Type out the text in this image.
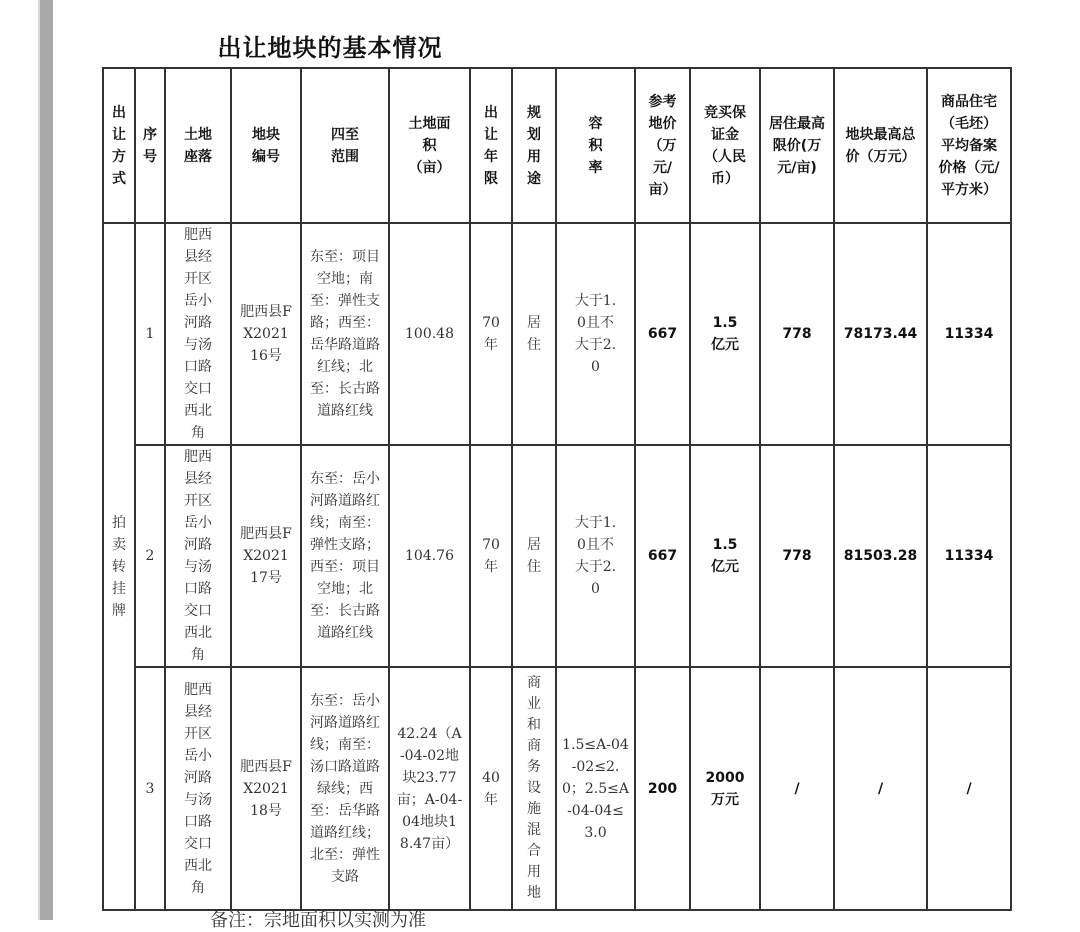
出让地块的基本情况
出让方式	序号	土地座落	地块编号	四至范围	土地面积（亩）	出让年限	规划用途	容积率	参考地价（万元/亩）	竞买保证金（人民币）	居住最高限价(万元/亩)	地块最高总价（万元）	商品住宅（毛坯）平均备案价格（元/平方米）

拍卖转挂牌	1	肥西县经开区岳小河路与汤口路交口西北角	肥西县FX2021 16号	东至：项目空地；南至：弹性支路；西至：岳华路道路红线；北至：长古路道路红线	100.48	70年	居住	大于1.0且不大于2.0	667	1.5亿元	778	78173.44	11334
	2	肥西县经开区岳小河路与汤口路交口西北角	肥西县FX2021 17号	东至：岳小河路道路红线；南至：弹性支路；西至：项目空地；北至：长古路道路红线	104.76	70年	居住	大于1.0且不大于2.0	667	1.5亿元	778	81503.28	11334
	3	肥西县经开区岳小河路与汤口路交口西北角	肥西县FX2021 18号	东至：岳小河路道路红线；南至：汤口路道路绿线；西至：岳华路道路红线；北至：弹性支路	42.24（A-04-02地块23.77亩；A-04-04地块18.47亩）	40年	商业和商务设施混合用地	1.5≤A-04-02≤2.0；2.5≤A-04-04≤3.0	200	2000万元	/	/	/
备注：宗地面积以实测为准
